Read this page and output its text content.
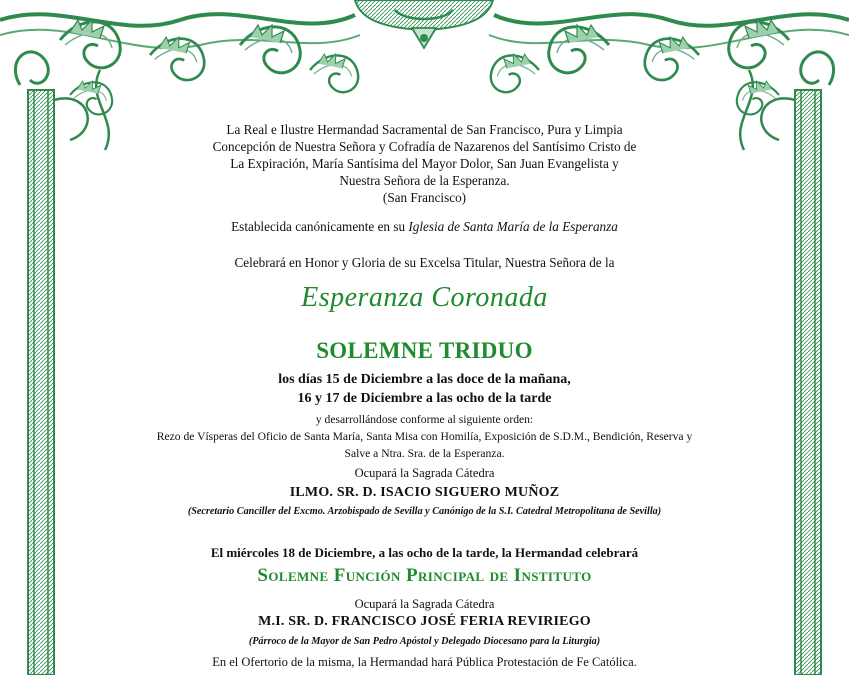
La Real e Ilustre Hermandad Sacramental de San Francisco, Pura y Limpia
Concepción de Nuestra Señora y Cofradía de Nazarenos del Santísimo Cristo de
La Expiración, María Santísima del Mayor Dolor, San Juan Evangelista y
Nuestra Señora de la Esperanza.
(San Francisco)
Establecida canónicamente en su Iglesia de Santa María de la Esperanza
Celebrará en Honor y Gloria de su Excelsa Titular, Nuestra Señora de la
Esperanza Coronada
SOLEMNE TRIDUO
los días 15 de Diciembre a las doce de la mañana,
16 y 17 de Diciembre a las ocho de la tarde
y desarrollándose conforme al siguiente orden:
Rezo de Vísperas del Oficio de Santa María, Santa Misa con Homilía, Exposición de S.D.M., Bendición, Reserva y
Salve a Ntra. Sra. de la Esperanza.
Ocupará la Sagrada Cátedra
ILMO. SR. D. ISACIO SIGUERO MUÑOZ
(Secretario Canciller del Excmo. Arzobispado de Sevilla y Canónigo de la S.I. Catedral Metropolitana de Sevilla)
El miércoles 18 de Diciembre, a las ocho de la tarde, la Hermandad celebrará
Solemne Función Principal de Instituto
Ocupará la Sagrada Cátedra
M.I. SR. D. FRANCISCO JOSÉ FERIA REVIRIEGO
(Párroco de la Mayor de San Pedro Apóstol y Delegado Diocesano para la Liturgia)
En el Ofertorio de la misma, la Hermandad hará Pública Protestación de Fe Católica.
